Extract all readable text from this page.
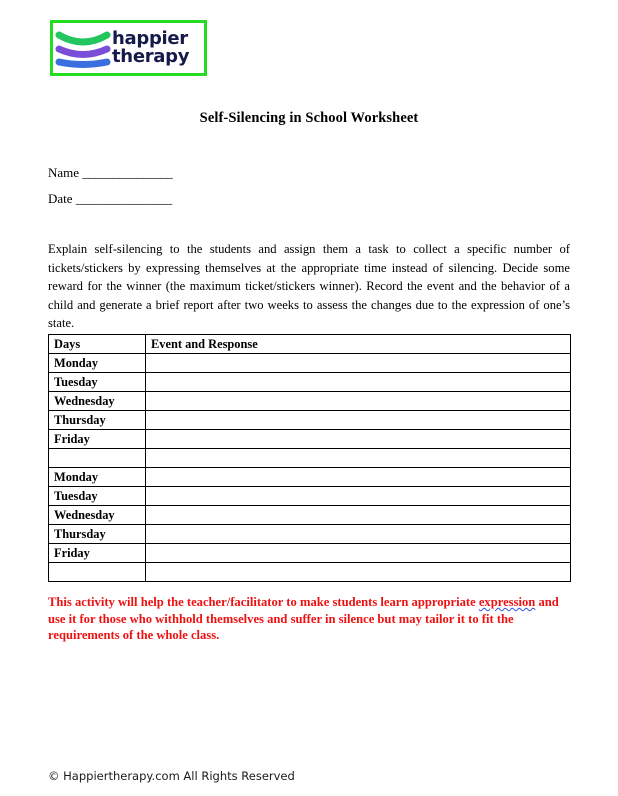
happier
therapy
Self-Silencing in School Worksheet
Name _______________
Date ________________
Explain self-silencing to the students and assign them a task to collect a specific number of tickets/stickers by expressing themselves at the appropriate time instead of silencing. Decide some reward for the winner (the maximum ticket/stickers winner). Record the event and the behavior of a child and generate a brief report after two weeks to assess the changes due to the expression of one’s state.
Days	Event and Response
Monday	
Tuesday	
Wednesday	
Thursday	
Friday	

Monday	
Tuesday	
Wednesday	
Thursday	
Friday	

This activity will help the teacher/facilitator to make students learn appropriate expression and use it for those who withhold themselves and suffer in silence but may tailor it to fit the requirements of the whole class.
© Happiertherapy.com All Rights Reserved
